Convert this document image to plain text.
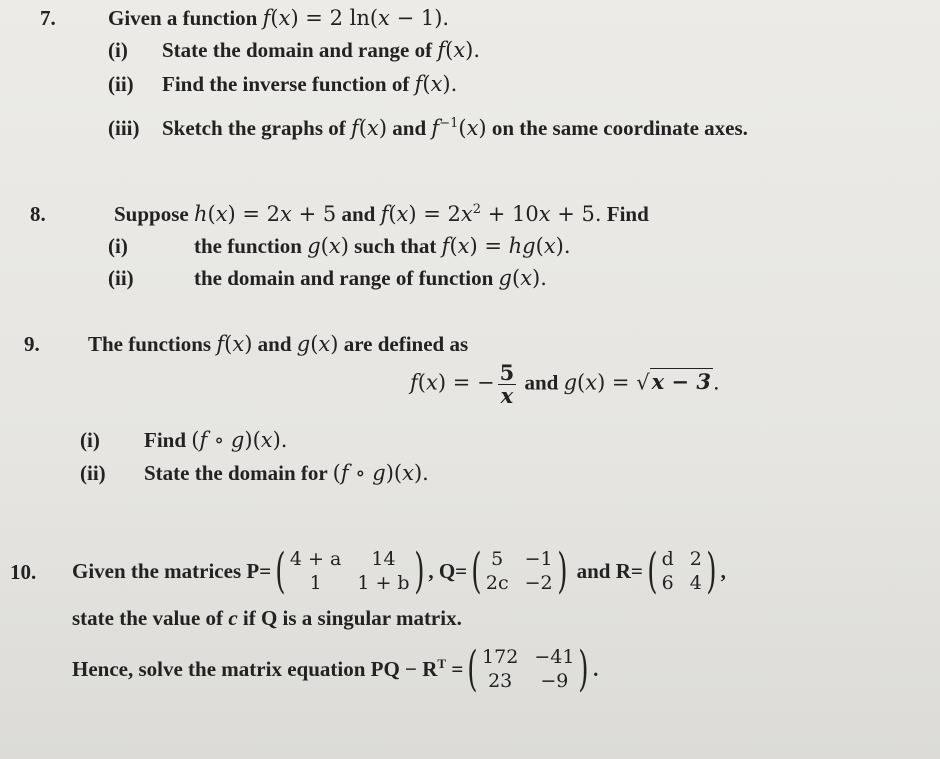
7. Given a function f(x) = 2 ln(x − 1).
(i) State the domain and range of f(x).
(ii) Find the inverse function of f(x).
(iii) Sketch the graphs of f(x) and $f^{-1}(x)$ on the same coordinate axes.
8.	Suppose h(x) = 2x + 5 and $f(x) = 2x^2 + 10x + 5$. Find
(i)	the function g(x) such that f(x) = hg(x).
(ii)	the domain and range of function g(x).
9. The functions f(x) and g(x) are defined as
f(x) = − $\frac{5}{x}$ and g(x) = √x − 3.
(i) Find (f ∘ g)(x).
(ii) State the domain for (f ∘ g)(x).
10. Given the matrices
P= ( 4 + a	14
1	1 + b ) ,
Q= ( 5 −1
2c −2 )
and
R= ( d 2
6 4 ) ,
state the value of c if Q is a singular matrix.
Hence, solve the matrix equation
PQ − $R^T$ = ( 172 −41
23	−9 ) .
